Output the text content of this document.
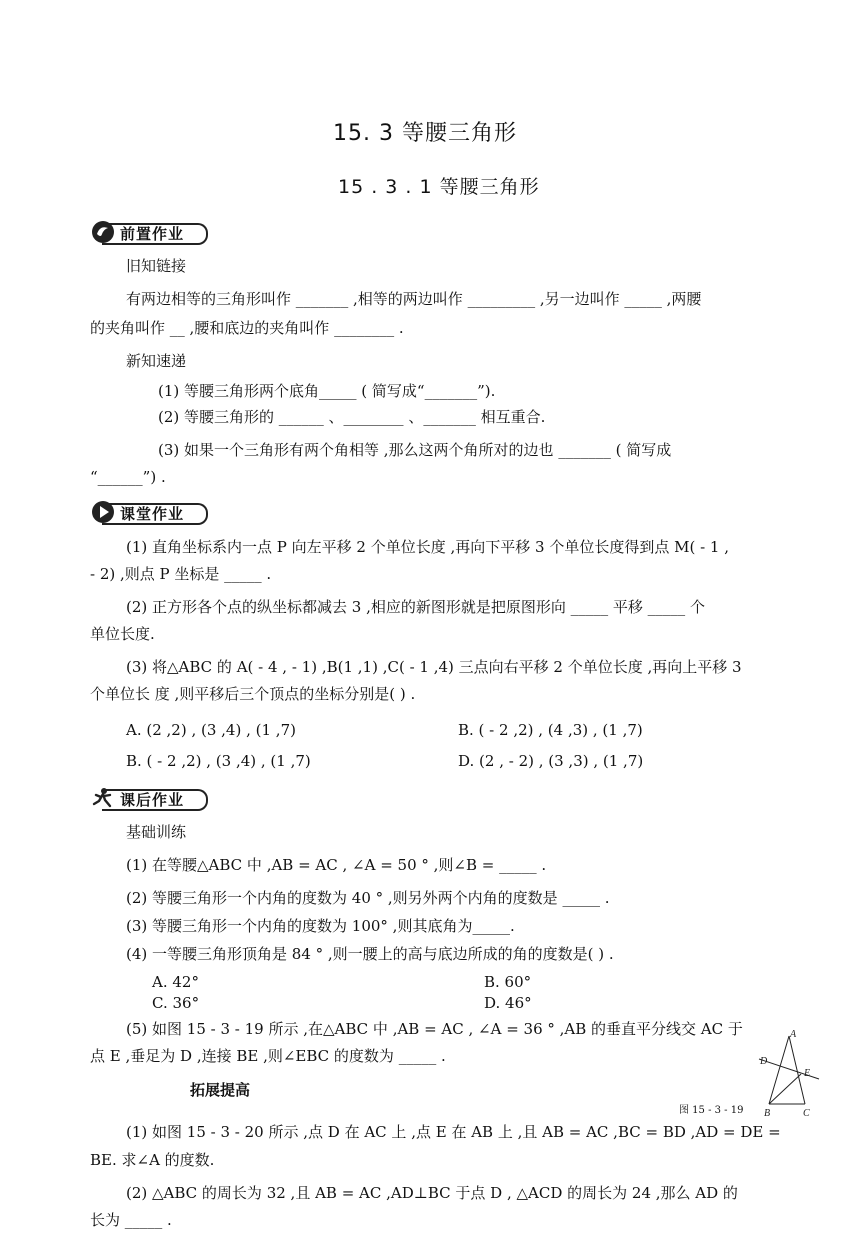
15. 3 等腰三角形
15 . 3 . 1 等腰三角形
前置作业
旧知链接
有两边相等的三角形叫作 _______ ,相等的两边叫作 _________ ,另一边叫作 _____ ,两腰
的夹角叫作 __ ,腰和底边的夹角叫作 ________ .
新知速递
(1) 等腰三角形两个底角_____ ( 简写成“_______”).
(2) 等腰三角形的 ______ 、________ 、_______ 相互重合.
(3) 如果一个三角形有两个角相等 ,那么这两个角所对的边也 _______ ( 简写成
“______”) .
课堂作业
(1) 直角坐标系内一点 P 向左平移 2 个单位长度 ,再向下平移 3 个单位长度得到点 M( - 1 ,
- 2) ,则点 P 坐标是 _____ .
(2) 正方形各个点的纵坐标都减去 3 ,相应的新图形就是把原图形向 _____ 平移 _____ 个
单位长度.
(3) 将△ABC 的 A( - 4 , - 1) ,B(1 ,1) ,C( - 1 ,4) 三点向右平移 2 个单位长度 ,再向上平移 3
个单位长 度 ,则平移后三个顶点的坐标分别是( ) .
A. (2 ,2) , (3 ,4) , (1 ,7)	B. ( - 2 ,2) , (4 ,3) , (1 ,7)
B. ( - 2 ,2) , (3 ,4) , (1 ,7)	D. (2 , - 2) , (3 ,3) , (1 ,7)
课后作业
基础训练
(1) 在等腰△ABC 中 ,AB = AC , ∠A = 50 ° ,则∠B = _____ .
(2) 等腰三角形一个内角的度数为 40 ° ,则另外两个内角的度数是 _____ .
(3) 等腰三角形一个内角的度数为 100° ,则其底角为_____.
(4) 一等腰三角形顶角是 84 ° ,则一腰上的高与底边所成的角的度数是( ) .
A. 42°	B. 60°
C. 36°	D. 46°
(5) 如图 15 - 3 - 19 所示 ,在△ABC 中 ,AB = AC , ∠A = 36 ° ,AB 的垂直平分线交 AC 于
点 E ,垂足为 D ,连接 BE ,则∠EBC 的度数为 _____ .
拓展提高
A
D
E
B	C
图 15 - 3 - 19
(1) 如图 15 - 3 - 20 所示 ,点 D 在 AC 上 ,点 E 在 AB 上 ,且 AB = AC ,BC = BD ,AD = DE =
BE. 求∠A 的度数.
(2) △ABC 的周长为 32 ,且 AB = AC ,AD⊥BC 于点 D , △ACD 的周长为 24 ,那么 AD 的
长为 _____ .
